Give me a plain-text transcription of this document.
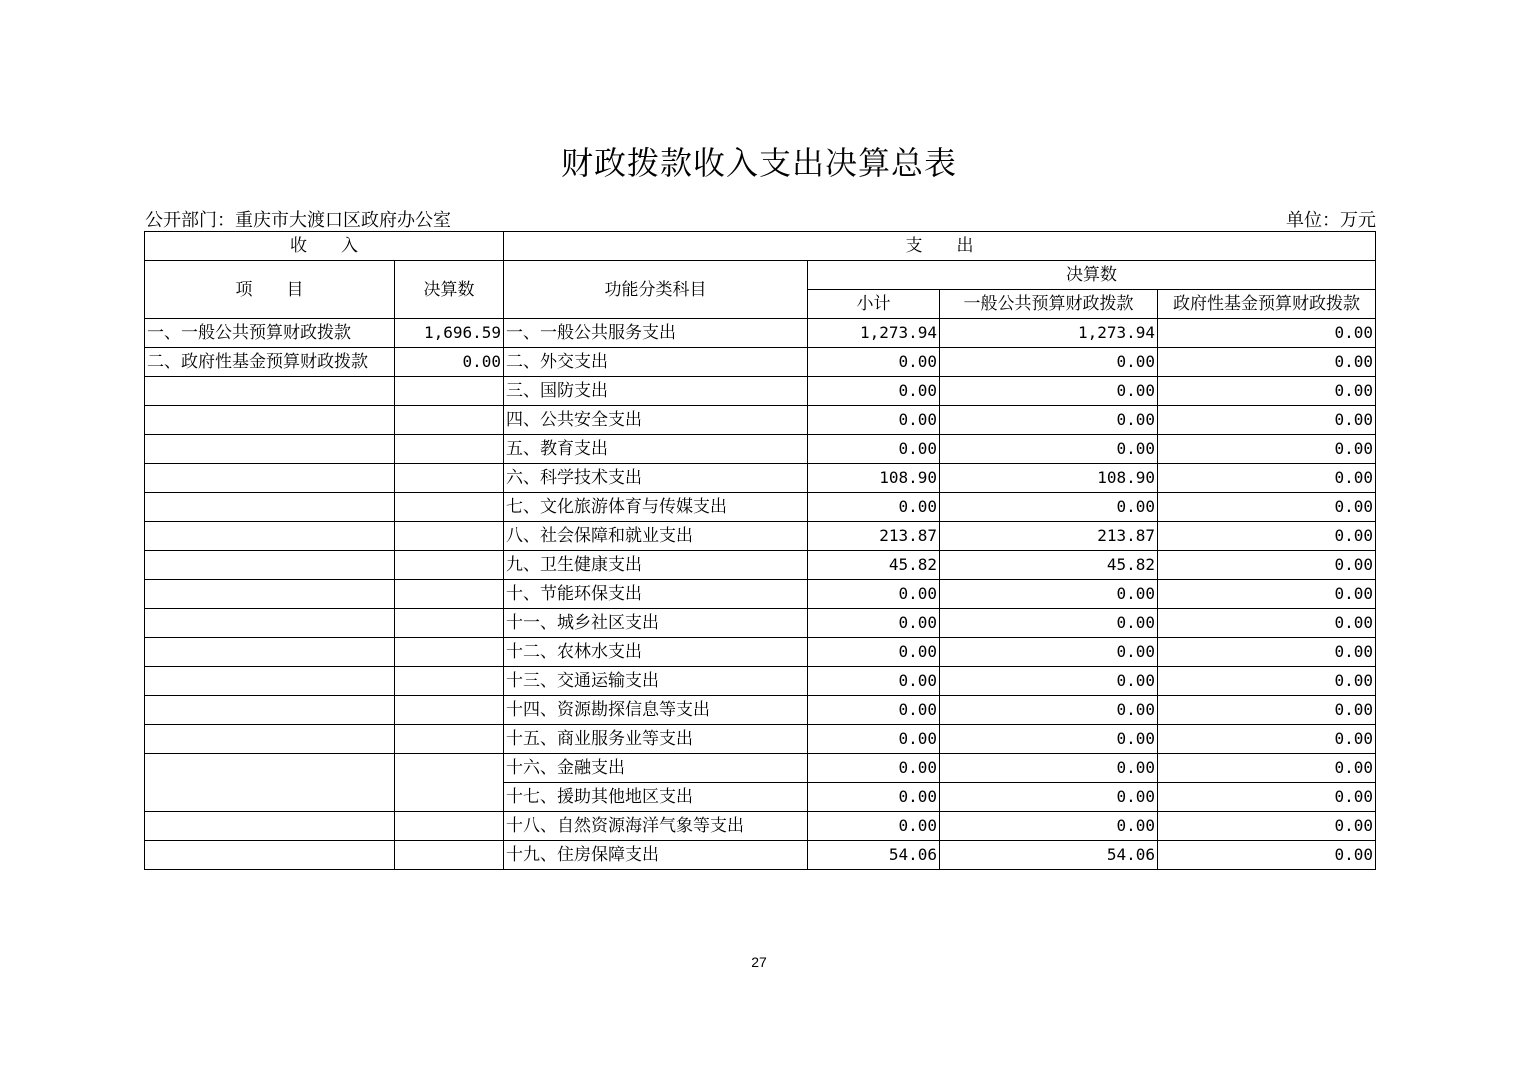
财政拨款收入支出决算总表
公开部门：重庆市大渡口区政府办公室	单位：万元
收　　入		支　　出			
项　　目	决算数	功能分类科目	决算数		
			小计	一般公共预算财政拨款	政府性基金预算财政拨款
一、一般公共预算财政拨款	1,696.59	一、一般公共服务支出	1,273.94	1,273.94	0.00
二、政府性基金预算财政拨款	0.00	二、外交支出	0.00	0.00	0.00
		三、国防支出	0.00	0.00	0.00
		四、公共安全支出	0.00	0.00	0.00
		五、教育支出	0.00	0.00	0.00
		六、科学技术支出	108.90	108.90	0.00
		七、文化旅游体育与传媒支出	0.00	0.00	0.00
		八、社会保障和就业支出	213.87	213.87	0.00
		九、卫生健康支出	45.82	45.82	0.00
		十、节能环保支出	0.00	0.00	0.00
		十一、城乡社区支出	0.00	0.00	0.00
		十二、农林水支出	0.00	0.00	0.00
		十三、交通运输支出	0.00	0.00	0.00
		十四、资源勘探信息等支出	0.00	0.00	0.00
		十五、商业服务业等支出	0.00	0.00	0.00
		十六、金融支出	0.00	0.00	0.00
		十七、援助其他地区支出	0.00	0.00	0.00
		十八、自然资源海洋气象等支出	0.00	0.00	0.00
		十九、住房保障支出	54.06	54.06	0.00
27
